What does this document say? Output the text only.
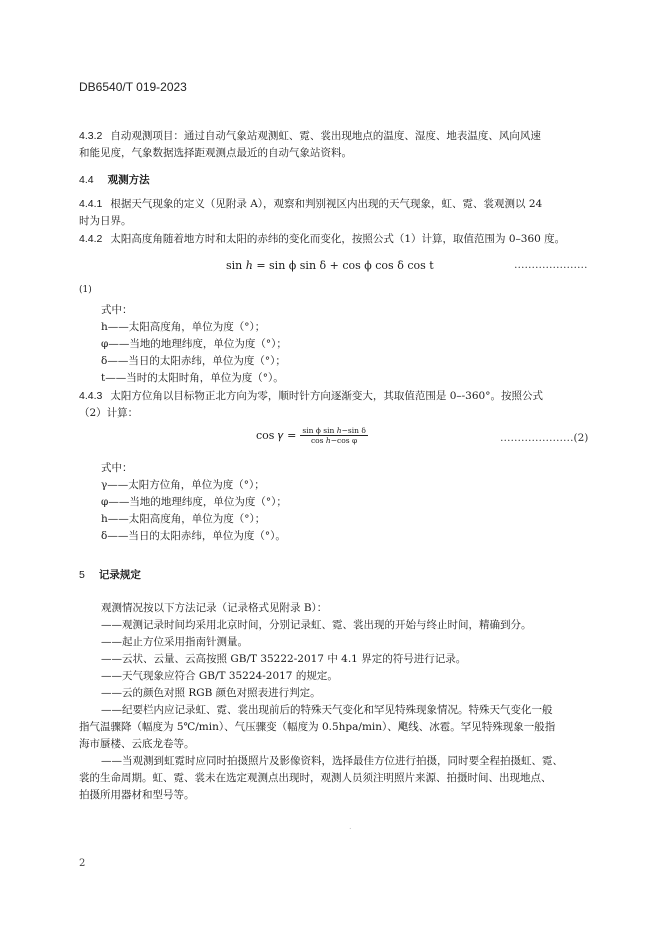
DB6540/T 019-2023
4.3.2 自动观测项目：通过自动气象站观测虹、霓、裳出现地点的温度、湿度、地表温度、风向风速
和能见度，气象数据选择距观测点最近的自动气象站资料。
4.4 观测方法
4.4.1 根据天气现象的定义（见附录 A），观察和判别视区内出现的天气现象，虹、霓、裳观测以 24
时为日界。
4.4.2 太阳高度角随着地方时和太阳的赤纬的变化而变化，按照公式（1）计算，取值范围为 0–360 度。
sin ℎ = sin ϕ sin δ + cos ϕ cos δ cos t	…………………
(1)
式中：
h——太阳高度角，单位为度（°）；
φ——当地的地理纬度，单位为度（°）；
δ——当日的太阳赤纬，单位为度（°）；
t——当时的太阳时角，单位为度（°）。
4.4.3 太阳方位角以目标物正北方向为零，顺时针方向逐渐变大，其取值范围是 0–-360°。按照公式
（2）计算：
cos 𝛾 = $\frac{\text{sin ϕ sin ℎ−sin δ}}{\text{cos ℎ−cos φ}}$	…………………(2)
式中：
γ——太阳方位角，单位为度（°）；
φ——当地的地理纬度，单位为度（°）；
h——太阳高度角，单位为度（°）；
δ——当日的太阳赤纬，单位为度（°）。
5 记录规定
观测情况按以下方法记录（记录格式见附录 B）：
——观测记录时间均采用北京时间，分别记录虹、霓、裳出现的开始与终止时间，精确到分。
——起止方位采用指南针测量。
——云状、云量、云高按照 GB/T 35222-2017 中 4.1 界定的符号进行记录。
——天气现象应符合 GB/T 35224-2017 的规定。
——云的颜色对照 RGB 颜色对照表进行判定。
——纪要栏内应记录虹、霓、裳出现前后的特殊天气变化和罕见特殊现象情况。特殊天气变化一般
指气温骤降（幅度为 5℃/min）、气压骤变（幅度为 0.5hpa/min）、飑线、冰雹。罕见特殊现象一般指
海市蜃楼、云底龙卷等。
——当观测到虹霓时应同时拍摄照片及影像资料，选择最佳方位进行拍摄，同时要全程拍摄虹、霓、
裳的生命周期。虹、霓、裳未在选定观测点出现时，观测人员须注明照片来源、拍摄时间、出现地点、
拍摄所用器材和型号等。
.
2
